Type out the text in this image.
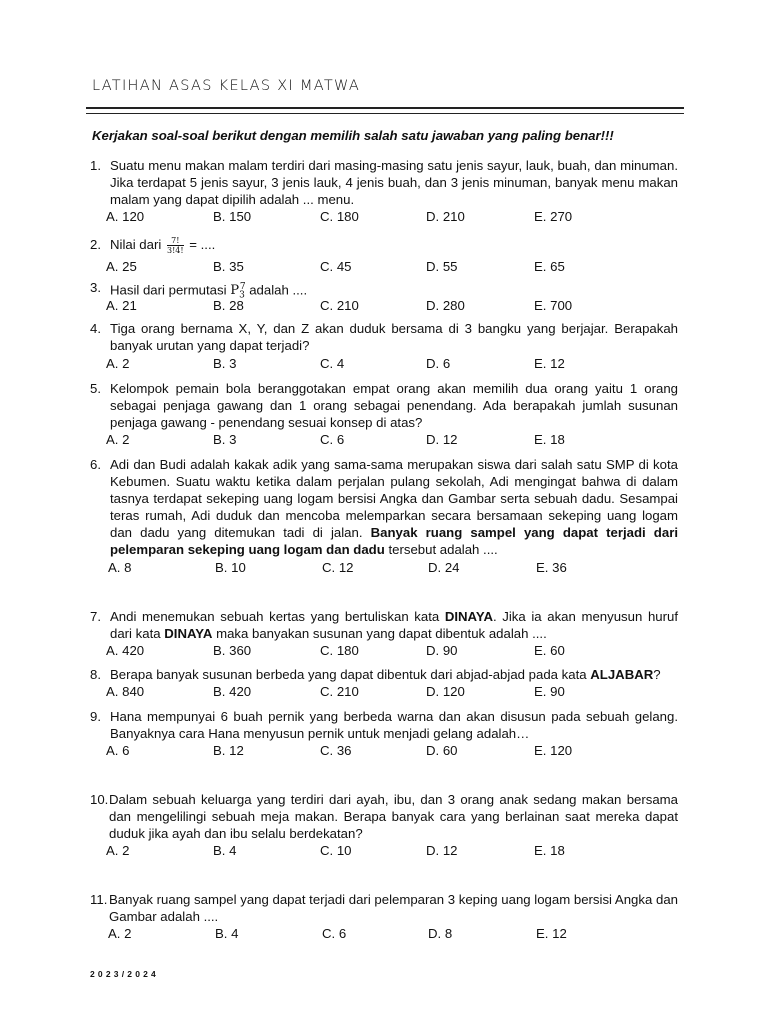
LATIHAN ASAS KELAS XI MATWA
Kerjakan soal-soal berikut dengan memilih salah satu jawaban yang paling benar!!!
1. Suatu menu makan malam terdiri dari masing-masing satu jenis sayur, lauk, buah, dan minuman. Jika terdapat 5 jenis sayur, 3 jenis lauk, 4 jenis buah, dan 3 jenis minuman, banyak menu makan malam yang dapat dipilih adalah ... menu.
A. 120	B. 150	C. 180	D. 210	E. 270
2. Nilai dari $\frac{7!}{3!4!}$ = ....
A. 25	B. 35	C. 45	D. 55	E. 65
3. Hasil dari permutasi $P_3^7$ adalah ....
A. 21	B. 28	C. 210	D. 280	E. 700
4. Tiga orang bernama X, Y, dan Z akan duduk bersama di 3 bangku yang berjajar. Berapakah banyak urutan yang dapat terjadi?
A. 2	B. 3	C. 4	D. 6	E. 12
5. Kelompok pemain bola beranggotakan empat orang akan memilih dua orang yaitu 1 orang sebagai penjaga gawang dan 1 orang sebagai penendang. Ada berapakah jumlah susunan penjaga gawang - penendang sesuai konsep di atas?
A. 2	B. 3	C. 6	D. 12	E. 18
6. Adi dan Budi adalah kakak adik yang sama-sama merupakan siswa dari salah satu SMP di kota Kebumen. Suatu waktu ketika dalam perjalan pulang sekolah, Adi mengingat bahwa di dalam tasnya terdapat sekeping uang logam bersisi Angka dan Gambar serta sebuah dadu. Sesampai teras rumah, Adi duduk dan mencoba melemparkan secara bersamaan sekeping uang logam dan dadu yang ditemukan tadi di jalan. Banyak ruang sampel yang dapat terjadi dari pelemparan sekeping uang logam dan dadu tersebut adalah ....
A. 8	B. 10	C. 12	D. 24	E. 36
7. Andi menemukan sebuah kertas yang bertuliskan kata DINAYA. Jika ia akan menyusun huruf dari kata DINAYA maka banyakan susunan yang dapat dibentuk adalah ....
A. 420	B. 360	C. 180	D. 90	E. 60
8. Berapa banyak susunan berbeda yang dapat dibentuk dari abjad-abjad pada kata ALJABAR?
A. 840	B. 420	C. 210	D. 120	E. 90
9. Hana mempunyai 6 buah pernik yang berbeda warna dan akan disusun pada sebuah gelang. Banyaknya cara Hana menyusun pernik untuk menjadi gelang adalah…
A. 6	B. 12	C. 36	D. 60	E. 120
10. Dalam sebuah keluarga yang terdiri dari ayah, ibu, dan 3 orang anak sedang makan bersama dan mengelilingi sebuah meja makan. Berapa banyak cara yang berlainan saat mereka dapat duduk jika ayah dan ibu selalu berdekatan?
A. 2	B. 4	C. 10	D. 12	E. 18
11. Banyak ruang sampel yang dapat terjadi dari pelemparan 3 keping uang logam bersisi Angka dan Gambar adalah ....
A. 2	B. 4	C. 6	D. 8	E. 12
2023/2024
